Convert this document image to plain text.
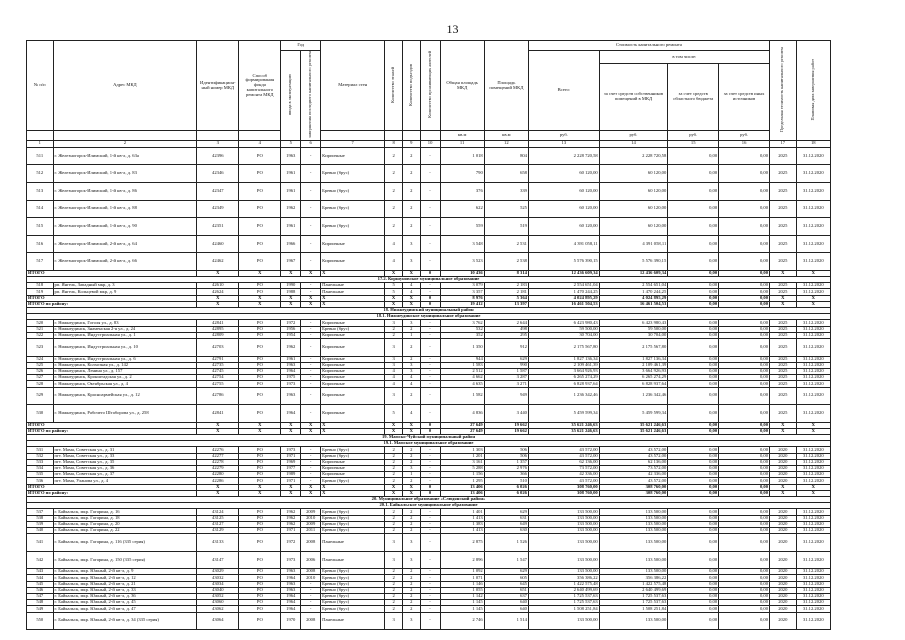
13
№ п/п	Адрес МКД	Идентификацион-ный номер МКД	Способ формирования фонда капитального ремонта МКД	Год		Материал стен	Количество этажей	Количество подъездов	Количество проживающих жителей	Общая площадь МКД	Площадь помещений МКД	Стоимость капитального ремонта				Предельная стоимость капитального ремонта	Плановая дата завершения работ
				ввода в эксплуатацию	завершения последнего капитального ремонта							Всего:	в том числе:				
													за счет средств собственников помещений в МКД	за счет средств областного бюджета	за счет средств иных источников		
										кв.м	кв.м	руб.	руб.	руб.	руб.		
1	2	3	4	5	6	7	8	9	10	11	12	13	14	15	16	17	18
511	г. Железногорск-Илимский, 1-й кв-л, д. 63а	42396	РО	1963	-	Кирпичные	2	2	-	1 018	804	2 228 720,58	2 228 720,58	0,00	0,00	2025	31.12.2020
512	г. Железногорск-Илимский, 1-й кв-л, д. 83	42346	РО	1961	-	Бревно (брус)	2	2	-	790	658	60 120,00	60 120,00	0,00	0,00	2025	31.12.2020
513	г. Железногорск-Илимский, 1-й кв-л, д. 86	42347	РО	1961	-	Бревно (брус)	2	2	-	376	339	60 120,00	60 120,00	0,00	0,00	2025	31.12.2020
514	г. Железногорск-Илимский, 1-й кв-л, д. 88	42349	РО	1962	-	Бревно (брус)	2	2	-	622	525	60 120,00	60 120,00	0,00	0,00	2025	31.12.2020
515	г. Железногорск-Илимский, 1-й кв-л, д. 90	42351	РО	1961	-	Бревно (брус)	2	2	-	559	519	60 120,00	60 120,00	0,00	0,00	2025	31.12.2020
516	г. Железногорск-Илимский, 2-й кв-л, д. 64	42460	РО	1966	-	Кирпичные	4	3	-	3 548	2 531	4 391 058,11	4 391 058,11	0,00	0,00	2025	31.12.2020
517	г. Железногорск-Илимский, 2-й кв-л, д. 66	42462	РО	1967	-	Кирпичные	4	3	-	3 523	2 538	5 576 390,15	5 576 390,15	0,00	0,00	2025	31.12.2020
ИТОГО		X	X	X	X	X	X	X	0	10 436	8 314	12 436 609,34	12 436 609,34	0,00	0,00	X	X
17.2. Коршуновское муниципальное образование																	
518	рп. Янгель, Западный мкр, д. 3	42610	РО	1990	-	Панельные	5	4	-	3 079	2 183	2 554 651,04	2 554 651,04	0,00	0,00	2025	31.12.2020
519	рп. Янгель, Кольцевой мкр, д. 9	42624	РО	1988	-	Панельные	5	4	-	3 357	2 181	1 470 244,25	1 470 244,25	0,00	0,00	2025	31.12.2020
ИТОГО		X	X	X	X	X	X	X	0	8 976	5 364	4 024 895,29	4 024 895,29	0,00	0,00	X	X
ИТОГО по району:		X	X	X	X	X	X	X	0	19 412	13 397	16 461 504,53	16 461 504,53	0,00	0,00	X	X
18. Нижнеудинский муниципальный район																	
18.1. Нижнеудинское муниципальное образование																	
520	г. Нижнеудинск, Гоголя ул., д. 83	42841	РО	1972	-	Кирпичные	3	3	-	3 762	2 644	6 423 980,43	6 423 980,43	0,00	0,00	2025	31.12.2020
521	г. Нижнеудинск, Знаменская 2-я ул., д. 24	42895	РО	1956	-	Бревно (брус)	2	2	-	532	498	59 500,00	59 500,00	0,00	0,00	2025	31.12.2020
522	г. Нижнеудинск, Индустриальная ул., д. 1	42809	РО	1954	-	Кирпичные	2	1	-	352	295	30 704,00	30 704,00	0,00	0,00	2025	31.12.2020
523	г. Нижнеудинск, Индустриальная ул., д. 10	42703	РО	1962	-	Кирпичные	3	2	-	1 350	912	2 175 567,80	2 175 567,80	0,00	0,00	2025	31.12.2020
524	г. Нижнеудинск, Индустриальная ул., д. 6	42791	РО	1961	-	Кирпичные	3	2	-	944	629	1 827 136,34	1 827 136,34	0,00	0,00	2025	31.12.2020
525	г. Нижнеудинск, Колхозная ул., д. 142	42735	РО	1963	-	Кирпичные	3	3	-	1 583	990	2 109 461,39	2 109 461,39	0,00	0,00	2025	31.12.2020
526	г. Нижнеудинск, Ленина ул., д. 157	42745	РО	1964	-	Кирпичные	4	3	-	2 512	1 587	3 664 926,93	3 664 926,93	0,00	0,00	2025	31.12.2020
527	г. Нижнеудинск, Кронштадская ул., д. 2	42754	РО	1975	-	Кирпичные	4	4	-	4 662	3 287	6 265 274,29	6 265 274,29	0,00	0,00	2025	31.12.2020
528	г. Нижнеудинск, Октябрьская ул., д. 4	42755	РО	1973	-	Кирпичные	4	4	-	4 635	3 271	6 828 937,64	6 828 937,64	0,00	0,00	2025	31.12.2020
529	г. Нижнеудинск, Красноармейская ул., д. 12	42786	РО	1963	-	Кирпичные	3	2	-	1 582	949	1 236 342,46	1 236 342,46	0,00	0,00	2025	31.12.2020
530	г. Нижнеудинск, Рабочего Штаборова ул., д. 258	42841	РО	1964	-	Кирпичные	5	4	-	4 836	3 440	5 459 599,34	5 459 599,34	0,00	0,00	2025	31.12.2020
ИТОГО		X	X	X	X	X	X	X	0	27 649	19 662	35 621 246,63	35 621 246,63	0,00	0,00	X	X
ИТОГО по району:		X	X	X	X	X	X	X	0	27 649	19 662	35 621 246,63	35 621 246,63	0,00	0,00	X	X
19. Мамско-Чуйский муниципальный район																	
19.1. Мамское муниципальное образование																	
531	пгт. Мама, Советская ул., д. 31	42276	РО	1973	-	Бревно (брус)	2	2	-	1 303	506	43 572,00	43 572,00	0,00	0,00	2020	31.12.2020
532	пгт. Мама, Советская ул., д. 33	42277	РО	1971	-	Бревно (брус)	2	2	-	1 201	506	43 572,00	43 572,00	0,00	0,00	2020	31.12.2020
533	пгт. Мама, Советская ул., д. 35	42278	РО	1969	-	Кирпичные	2	2	-	3 161	1 357	62 136,00	62 136,00	0,00	0,00	2020	31.12.2020
534	пгт. Мама, Советская ул., д. 36	42279	РО	1977	-	Кирпичные	2	3	-	5 288	2 976	73 572,00	73 572,00	0,00	0,00	2020	31.12.2020
535	пгт. Мама, Советская ул., д. 37	42280	РО	1989	-	Кирпичные	2	1	-	1 156	366	42 336,00	42 336,00	0,00	0,00	2020	31.12.2020
536	пгт. Мама, Уланова ул., д. 4	42286	РО	1971	-	Бревно (брус)	2	2	-	1 295	510	43 572,00	43 572,00	0,00	0,00	2020	31.12.2020
ИТОГО		X	X	X	X	X	X	X	0	13 406	6 026	308 760,00	308 760,00	0,00	0,00	X	X
ИТОГО по району:		X	X	X	X	X	X	X	0	13 406	6 026	308 760,00	308 760,00	0,00	0,00	X	X
20. Муниципальное образование «Слюдянский район»																	
20.1. Байкальское муниципальное образование																	
537	г. Байкальск, мкр. Гагарина, д. 16	43124	РО	1962	2009	Бревно (брус)	2	2	-	1 401	629	133 500,00	133 500,00	0,00	0,00	2020	31.12.2020
538	г. Байкальск, мкр. Гагарина, д. 18	43125	РО	1962	2010	Бревно (брус)	2	2	-	1 413	631	133 500,00	133 500,00	0,00	0,00	2020	31.12.2020
539	г. Байкальск, мкр. Гагарина, д. 20	43127	РО	1962	2009	Бревно (брус)	2	2	-	1 383	649	133 500,00	133 500,00	0,00	0,00	2020	31.12.2020
540	г. Байкальск, мкр. Гагарина, д. 22	43129	РО	1971	2011	Бревно (брус)	2	2	-	1 413	630	133 500,00	133 500,00	0,00	0,00	2020	31.12.2020
541	г. Байкальск, мкр. Гагарина, д. 116 (335 серия)	43133	РО	1972	2008	Панельные	3	3	-	2 875	1 526	133 500,00	133 500,00	0,00	0,00	2020	31.12.2020
542	г. Байкальск, мкр. Гагарина, д. 150 (335 серия)	43147	РО	1973	2006	Панельные	3	3	-	2 896	1 547	133 500,00	133 500,00	0,00	0,00	2020	31.12.2020
543	г. Байкальск, мкр. Южный, 2-й кв-л, д. 9	43029	РО	1963	2008	Бревно (брус)	2	2	-	1 092	629	133 500,00	133 500,00	0,00	0,00	2020	31.12.2020
544	г. Байкальск, мкр. Южный, 2-й кв-л, д. 12	43032	РО	1964	2010	Бревно (брус)	2	2	-	1 071	605	356 386,22	356 386,22	0,00	0,00	2020	31.12.2020
545	г. Байкальск, мкр. Южный, 2-й кв-л, д. 21	43034	РО	1963	-	Бревно (брус)	2	2	-	1 146	645	1 422 575,48	1 422 575,48	0,00	0,00	2020	31.12.2020
546	г. Байкальск, мкр. Южный, 2-й кв-л, д. 33	43040	РО	1963	-	Бревно (брус)	2	2	-	1 055	651	2 640 499,69	2 640 499,69	0,00	0,00	2020	31.12.2020
547	г. Байкальск, мкр. Южный, 2-й кв-л, д. 36	43052	РО	1964	-	Бревно (брус)	2	2	-	1 142	637	1 725 537,63	1 725 537,63	0,00	0,00	2020	31.12.2020
548	г. Байкальск, мкр. Южный, 2-й кв-л, д. 45	43060	РО	1964	-	Бревно (брус)	2	2	-	1 145	640	1 725 537,63	1 725 537,63	0,00	0,00	2020	31.12.2020
549	г. Байкальск, мкр. Южный, 2-й кв-л, д. 47	43062	РО	1964	-	Бревно (брус)	2	2	-	1 145	640	1 508 251,84	1 508 251,84	0,00	0,00	2020	31.12.2020
550	г. Байкальск, мкр. Южный, 2-й кв-л, д. 34 (335 серия)	43064	РО	1970	2008	Панельные	3	3	-	2 746	1 514	133 500,00	133 500,00	0,00	0,00	2020	31.12.2020
